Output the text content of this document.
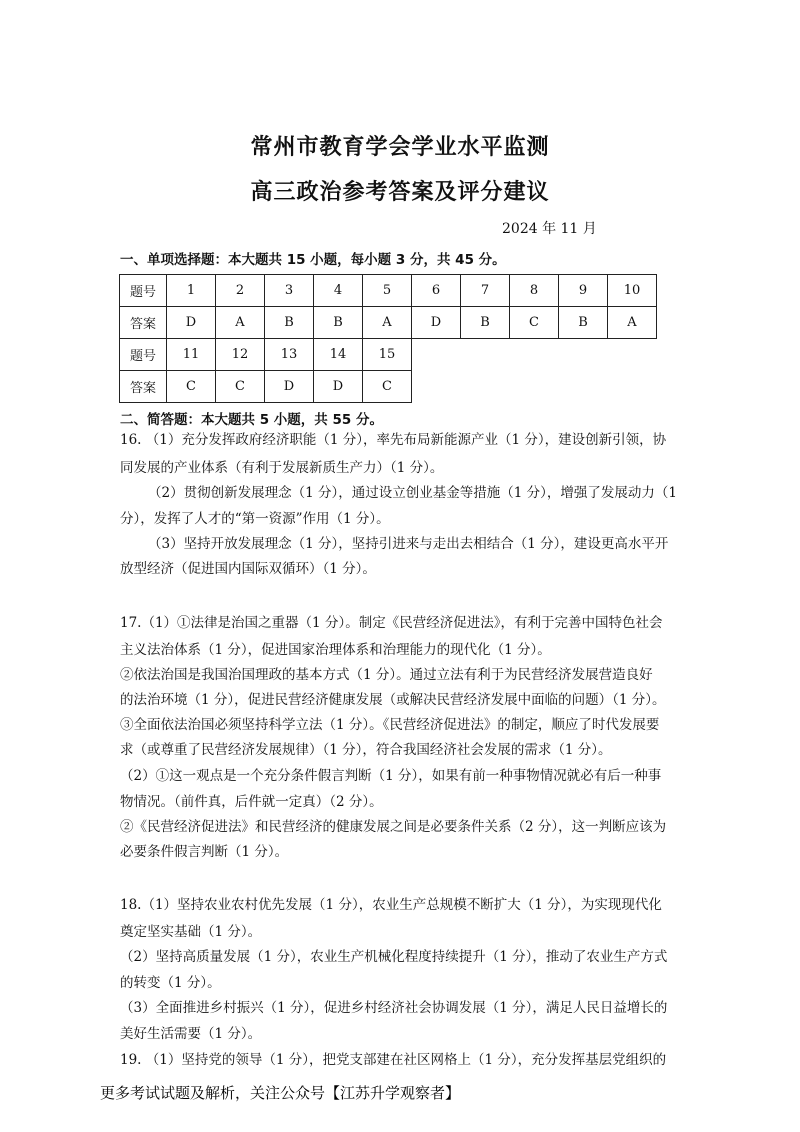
常州市教育学会学业水平监测
高三政治参考答案及评分建议
2024 年 11 月
一、单项选择题：本大题共 15 小题，每小题 3 分，共 45 分。
题号	1	2	3	4	5	6	7	8	9	10
答案	D	A	B	B	A	D	B	C	B	A
题号	11	12	13	14	15
答案	C	C	D	D	C
二、简答题：本大题共 5 小题，共 55 分。
16. （1）充分发挥政府经济职能（1 分），率先布局新能源产业（1 分），建设创新引领，协
同发展的产业体系（有利于发展新质生产力）（1 分）。
（2）贯彻创新发展理念（1 分），通过设立创业基金等措施（1 分），增强了发展动力（1
分），发挥了人才的“第一资源”作用（1 分）。
（3）坚持开放发展理念（1 分），坚持引进来与走出去相结合（1 分），建设更高水平开
放型经济（促进国内国际双循环）（1 分）。
17.（1）①法律是治国之重器（1 分）。制定《民营经济促进法》，有利于完善中国特色社会
主义法治体系（1 分），促进国家治理体系和治理能力的现代化（1 分）。
②依法治国是我国治国理政的基本方式（1 分）。通过立法有利于为民营经济发展营造良好
的法治环境（1 分），促进民营经济健康发展（或解决民营经济发展中面临的问题）（1 分）。
③全面依法治国必须坚持科学立法（1 分）。《民营经济促进法》的制定，顺应了时代发展要
求（或尊重了民营经济发展规律）（1 分），符合我国经济社会发展的需求（1 分）。
（2）①这一观点是一个充分条件假言判断（1 分），如果有前一种事物情况就必有后一种事
物情况。（前件真，后件就一定真）（2 分）。
②《民营经济促进法》和民营经济的健康发展之间是必要条件关系（2 分），这一判断应该为
必要条件假言判断（1 分）。
18.（1）坚持农业农村优先发展（1 分），农业生产总规模不断扩大（1 分），为实现现代化
奠定坚实基础（1 分）。
（2）坚持高质量发展（1 分），农业生产机械化程度持续提升（1 分），推动了农业生产方式
的转变（1 分）。
（3）全面推进乡村振兴（1 分），促进乡村经济社会协调发展（1 分），满足人民日益增长的
美好生活需要（1 分）。
19. （1）坚持党的领导（1 分），把党支部建在社区网格上（1 分），充分发挥基层党组织的
更多考试试题及解析，关注公众号【江苏升学观察者】
